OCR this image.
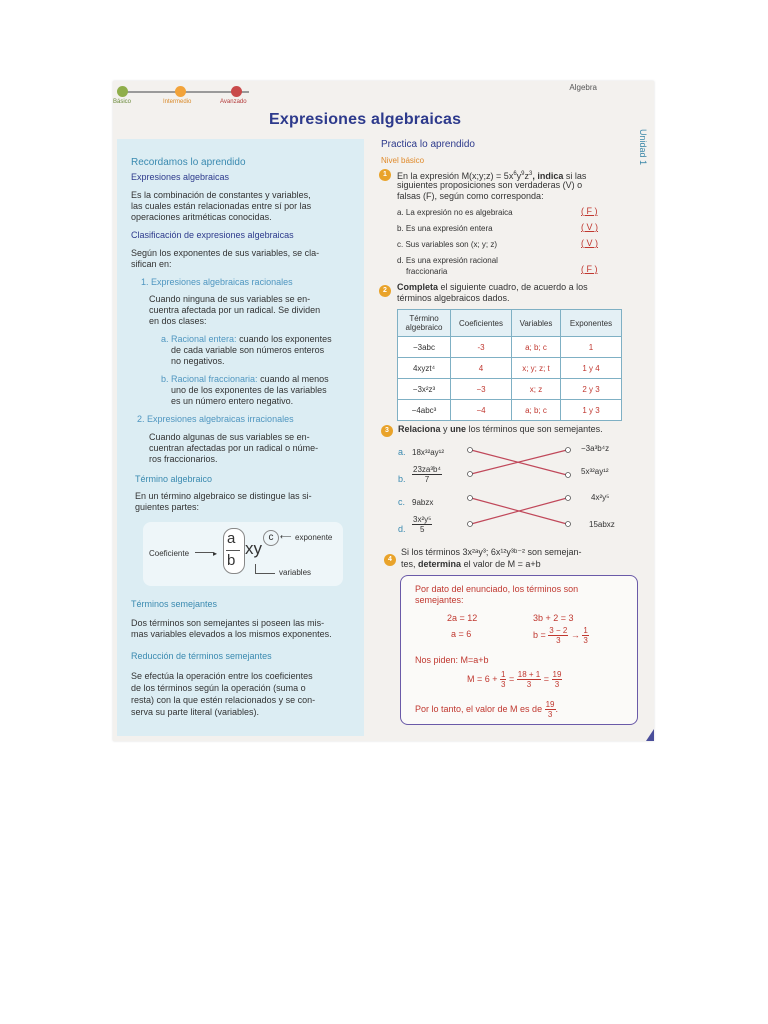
Básico	Intermedio	Avanzado
Algebra
Unidad 1
Expresiones algebraicas
Recordamos lo aprendido
Expresiones algebraicas
Es la combinación de constantes y variables,
las cuales están relacionadas entre sí por las
operaciones aritméticas conocidas.
Clasificación de expresiones algebraicas
Según los exponentes de sus variables, se cla-
sifican en:
1. Expresiones algebraicas racionales
Cuando ninguna de sus variables se en-
cuentra afectada por un radical. Se dividen
en dos clases:
a. Racional entera: cuando los exponentes
de cada variable son números enteros
no negativos.
b. Racional fraccionaria: cuando al menos
uno de los exponentes de las variables
es un número entero negativo.
2. Expresiones algebraicas irracionales
Cuando algunas de sus variables se en-
cuentran afectadas por un radical o núme-
ros fraccionarios.
Término algebraico
En un término algebraico se distingue las si-
guientes partes:
Coeficiente	▸
a
b
xy
c ⟵ exponente
variables
Términos semejantes
Dos términos son semejantes si poseen las mis-
mas variables elevados a los mismos exponentes.
Reducción de términos semejantes
Se efectúa la operación entre los coeficientes
de los términos según la operación (suma o
resta) con la que estén relacionados y se con-
serva su parte literal (variables).
Practica lo aprendido
Nivel básico
1	En la expresión M(x;y;z) = $5x^6y^9z^3$, indica si las
siguientes proposiciones son verdaderas (V) o
falsas (F), según como corresponda:
a. La expresión no es algebraica	( F )
b. Es una expresión entera	( V )
c. Sus variables son (x; y; z)	( V )
d. Es una expresión racional
fraccionaria	( F )
2	Completa el siguiente cuadro, de acuerdo a los
términos algebraicos dados.
Término algebraico	Coeficientes	Variables	Exponentes
−3abc	-3	a; b; c	1
4xyzt⁴	4	x; y; z; t	1 y 4
−3x²z³	−3	x; z	2 y 3
−4abc³	−4	a; b; c	1 y 3
3	Relaciona y une los términos que son semejantes.
a. 18x³²ay¹²
b. $\frac{\text{23za³b⁴}}{7}$
c. 9abzx
d. $\frac{\text{3x²y⁵}}{5}$
−3a³b⁴z
5x³²ay¹²
4x²y⁵
15abxz
4
Si los términos 3x²ᵃy³; 6x¹²y³ᵇ⁻² son semejan-
tes, determina el valor de M = a+b
Por dato del enunciado, los términos son
semejantes:
2a = 12
a = 6
3b + 2 = 3
$b = \frac{3 - 2}{3} \to \frac{1}{3}$
Nos piden: M=a+b
$M = 6 + \frac{1}{3} = \frac{18 + 1}{3} = \frac{19}{3}$
Por lo tanto, el valor de M es de $\frac{19}{3}$ .
